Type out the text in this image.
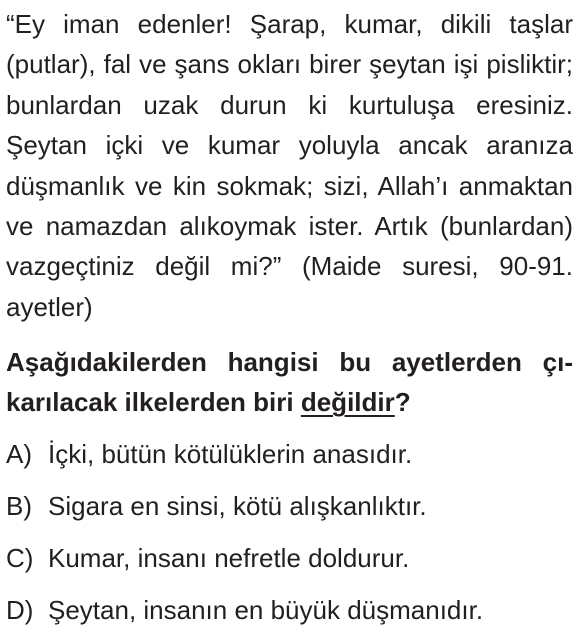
“Ey iman edenler! Şarap, kumar, dikili taşlar (putlar), fal ve şans okları birer şeytan işi pisliktir; bunlardan uzak durun ki kurtuluşa eresiniz. Şeytan içki ve kumar yoluyla ancak aranıza düşmanlık ve kin sokmak; sizi, Allah’ı anmaktan ve namazdan alıkoymak ister. Artık (bunlardan) vazgeçtiniz değil mi?” (Maide suresi, 90-91. ayetler)

Aşağıdakilerden hangisi bu ayetlerden çıkarılacak ilkelerden biri değildir?

A) İçki, bütün kötülüklerin anasıdır.
B) Sigara en sinsi, kötü alışkanlıktır.
C) Kumar, insanı nefretle doldurur.
D) Şeytan, insanın en büyük düşmanıdır.
